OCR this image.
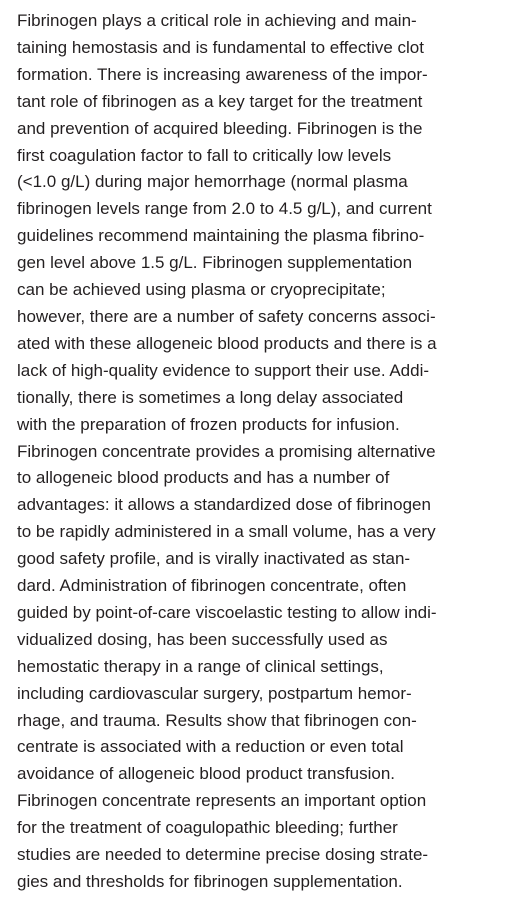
Fibrinogen plays a critical role in achieving and main-
taining hemostasis and is fundamental to effective clot
formation. There is increasing awareness of the impor-
tant role of fibrinogen as a key target for the treatment
and prevention of acquired bleeding. Fibrinogen is the
first coagulation factor to fall to critically low levels
(<1.0 g/L) during major hemorrhage (normal plasma
fibrinogen levels range from 2.0 to 4.5 g/L), and current
guidelines recommend maintaining the plasma fibrino-
gen level above 1.5 g/L. Fibrinogen supplementation
can be achieved using plasma or cryoprecipitate;
however, there are a number of safety concerns associ-
ated with these allogeneic blood products and there is a
lack of high-quality evidence to support their use. Addi-
tionally, there is sometimes a long delay associated
with the preparation of frozen products for infusion.
Fibrinogen concentrate provides a promising alternative
to allogeneic blood products and has a number of
advantages: it allows a standardized dose of fibrinogen
to be rapidly administered in a small volume, has a very
good safety profile, and is virally inactivated as stan-
dard. Administration of fibrinogen concentrate, often
guided by point-of-care viscoelastic testing to allow indi-
vidualized dosing, has been successfully used as
hemostatic therapy in a range of clinical settings,
including cardiovascular surgery, postpartum hemor-
rhage, and trauma. Results show that fibrinogen con-
centrate is associated with a reduction or even total
avoidance of allogeneic blood product transfusion.
Fibrinogen concentrate represents an important option
for the treatment of coagulopathic bleeding; further
studies are needed to determine precise dosing strate-
gies and thresholds for fibrinogen supplementation.
